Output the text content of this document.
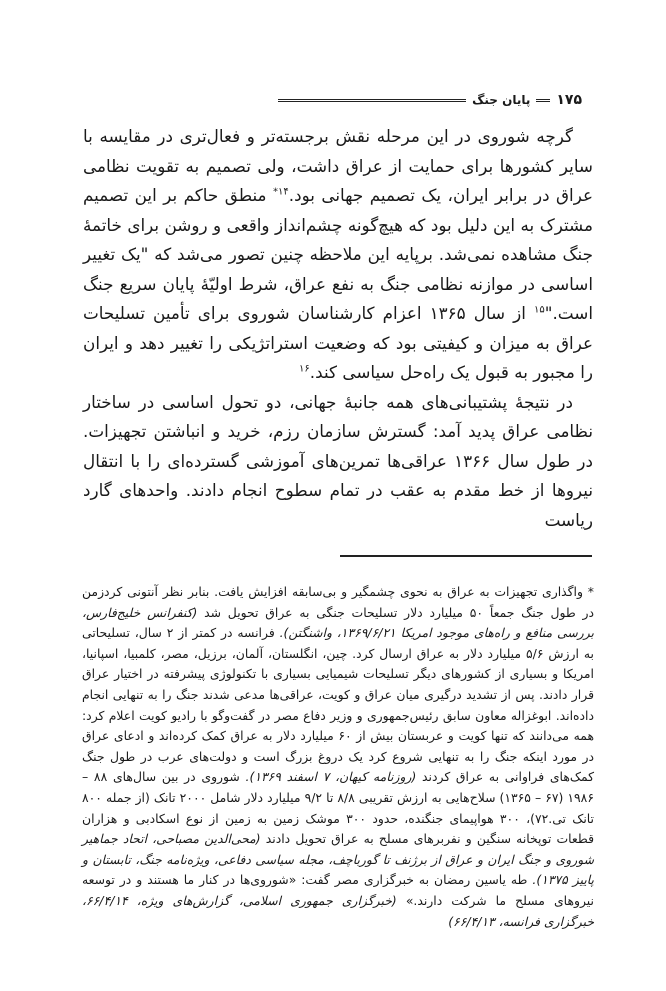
۱۷۵
پایان جنگ

گرچه شوروی در این مرحله نقش برجسته‌تر و فعال‌تری در مقایسه با سایر کشورها برای حمایت از عراق داشت، ولی تصمیم به تقویت نظامی عراق در برابر ایران، یک تصمیم جهانی بود.$^{۱۴*}$ منطق حاکم بر این تصمیم مشترک به این دلیل بود که هیچ‌گونه چشم‌انداز واقعی و روشن برای خاتمهٔ جنگ مشاهده نمی‌شد. برپایه این ملاحظه چنین تصور می‌شد که "یک تغییر اساسی در موازنه نظامی جنگ به نفع عراق، شرط اولیّهٔ پایان سریع جنگ است."$^{۱۵}$ از سال ۱۳۶۵ اعزام کارشناسان شوروی برای تأمین تسلیحات عراق به میزان و کیفیتی بود که وضعیت استراتژیکی را تغییر دهد و ایران را مجبور به قبول یک راه‌حل سیاسی کند.$^{۱۶}$

در نتیجهٔ پشتیبانی‌های همه جانبهٔ جهانی، دو تحول اساسی در ساختار نظامی عراق پدید آمد: گسترش سازمان رزم، خرید و انباشتن تجهیزات. در طول سال ۱۳۶۶ عراقی‌ها تمرین‌های آموزشی گسترده‌ای را با انتقال نیروها از خط مقدم به عقب در تمام سطوح انجام دادند. واحدهای گارد ریاست

* واگذاری تجهیزات به عراق به نحوی چشمگیر و بی‌سابقه افزایش یافت. بنابر نظر آنتونی کردزمن در طول جنگ جمعاً ۵۰ میلیارد دلار تسلیحات جنگی به عراق تحویل شد (کنفرانس خلیج‌فارس، بررسی منافع و راه‌های موجود امریکا ۱۳۶۹/۶/۲۱، واشنگتن). فرانسه در کمتر از ۲ سال، تسلیحاتی به ارزش ۵/۶ میلیارد دلار به عراق ارسال کرد. چین، انگلستان، آلمان، برزیل، مصر، کلمبیا، اسپانیا، امریکا و بسیاری از کشورهای دیگر تسلیحات شیمیایی بسیاری با تکنولوژی پیشرفته در اختیار عراق قرار دادند. پس از تشدید درگیری میان عراق و کویت، عراقی‌ها مدعی شدند جنگ را به تنهایی انجام داده‌اند. ابوغزاله معاون سابق رئیس‌جمهوری و وزیر دفاع مصر در گفت‌وگو با رادیو کویت اعلام کرد: همه می‌دانند که تنها کویت و عربستان بیش از ۶۰ میلیارد دلار به عراق کمک کرده‌اند و ادعای عراق در مورد اینکه جنگ را به تنهایی شروع کرد یک دروغ بزرگ است و دولت‌های عرب در طول جنگ کمک‌های فراوانی به عراق کردند (روزنامه کیهان، ۷ اسفند ۱۳۶۹). شوروی در بین سال‌های ۸۸ – ۱۹۸۶ (۶۷ – ۱۳۶۵) سلاح‌هایی به ارزش تقریبی ۸/۸ تا ۹/۲ میلیارد دلار شامل ۲۰۰۰ تانک (از جمله ۸۰۰ تانک تی.۷۲)، ۳۰۰ هواپیمای جنگنده، حدود ۳۰۰ موشک زمین به زمین از نوع اسکادبی و هزاران قطعات توپخانه سنگین و نفربرهای مسلح به عراق تحویل دادند (محی‌الدین مصباحی، اتحاد جماهیر شوروی و جنگ ایران و عراق از برژنف تا گورباچف، مجله سیاسی دفاعی، ویژه‌نامه جنگ، تابستان و پاییز ۱۳۷۵). طه یاسین رمضان به خبرگزاری مصر گفت: «شوروی‌ها در کنار ما هستند و در توسعه نیروهای مسلح ما شرکت دارند.» (خبرگزاری جمهوری اسلامی، گزارش‌های ویژه، ۶۶/۴/۱۴، خبرگزاری فرانسه، ۶۶/۴/۱۳)
